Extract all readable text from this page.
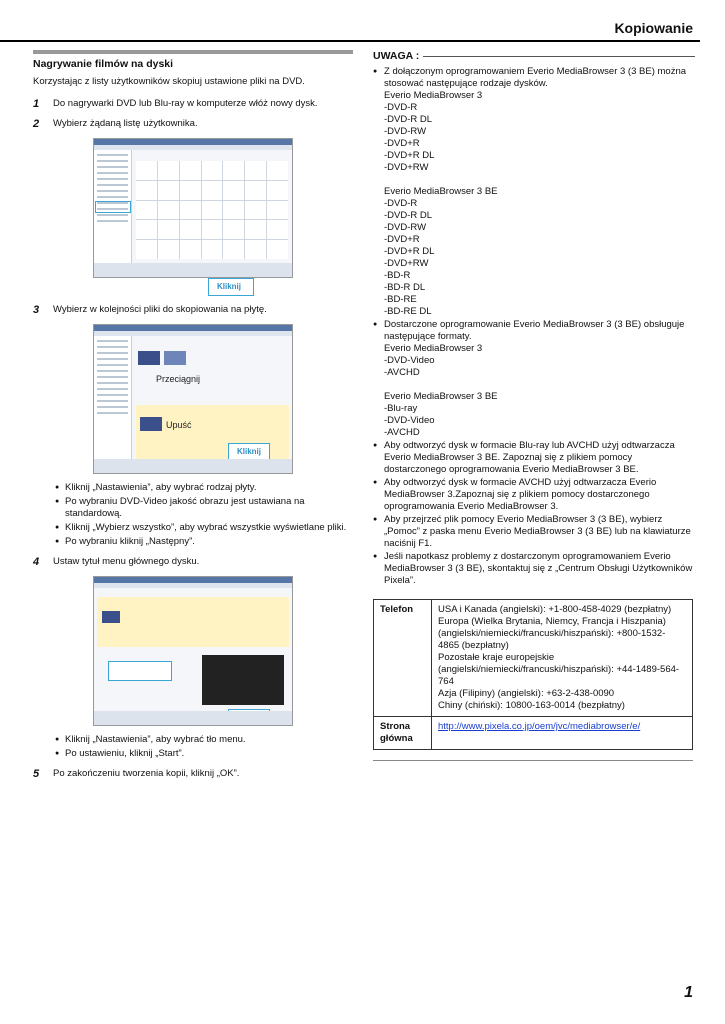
Kopiowanie
Nagrywanie filmów na dyski
Korzystając z listy użytkowników skopiuj ustawione pliki na DVD.
1	Do nagrywarki DVD lub Blu-ray w komputerze włóż nowy dysk.
2	Wybierz żądaną listę użytkownika.
Kliknij
3	Wybierz w kolejności pliki do skopiowania na płytę.
Przeciągnij
Upuść
Kliknij
● Kliknij „Nastawienia”, aby wybrać rodzaj płyty.
● Po wybraniu DVD-Video jakość obrazu jest ustawiana na standardową.
● Kliknij „Wybierz wszystko”, aby wybrać wszystkie wyświetlane pliki.
● Po wybraniu kliknij „Następny”.
4	Ustaw tytuł menu głównego dysku.
● Kliknij „Nastawienia”, aby wybrać tło menu.
● Po ustawieniu, kliknij „Start”.
5	Po zakończeniu tworzenia kopii, kliknij „OK”.
UWAGA :
● Z dołączonym oprogramowaniem Everio MediaBrowser 3 (3 BE) można stosować następujące rodzaje dysków.
Everio MediaBrowser 3
-DVD-R
-DVD-R DL
-DVD-RW
-DVD+R
-DVD+R DL
-DVD+RW

Everio MediaBrowser 3 BE
-DVD-R
-DVD-R DL
-DVD-RW
-DVD+R
-DVD+R DL
-DVD+RW
-BD-R
-BD-R DL
-BD-RE
-BD-RE DL
● Dostarczone oprogramowanie Everio MediaBrowser 3 (3 BE) obsługuje następujące formaty.
Everio MediaBrowser 3
-DVD-Video
-AVCHD

Everio MediaBrowser 3 BE
-Blu-ray
-DVD-Video
-AVCHD
● Aby odtworzyć dysk w formacie Blu-ray lub AVCHD użyj odtwarzacza Everio MediaBrowser 3 BE. Zapoznaj się z plikiem pomocy dostarczonego oprogramowania Everio MediaBrowser 3 BE.
● Aby odtworzyć dysk w formacie AVCHD użyj odtwarzacza Everio MediaBrowser 3.Zapoznaj się z plikiem pomocy dostarczonego oprogramowania Everio MediaBrowser 3.
● Aby przejrzeć plik pomocy Everio MediaBrowser 3 (3 BE), wybierz „Pomoc” z paska menu Everio MediaBrowser 3 (3 BE) lub na klawiaturze naciśnij F1.
● Jeśli napotkasz problemy z dostarczonym oprogramowaniem Everio MediaBrowser 3 (3 BE), skontaktuj się z „Centrum Obsługi Użytkowników Pixela”.
Telefon	USA i Kanada (angielski): +1-800-458-4029 (bezpłatny)
Europa (Wielka Brytania, Niemcy, Francja i Hiszpania) (angielski/niemiecki/francuski/hiszpański): +800-1532-4865 (bezpłatny)
Pozostałe kraje europejskie (angielski/niemiecki/francuski/hiszpański): +44-1489-564-764
Azja (Filipiny) (angielski): +63-2-438-0090
Chiny (chiński): 10800-163-0014 (bezpłatny)
Strona główna	http://www.pixela.co.jp/oem/jvc/mediabrowser/e/
1
